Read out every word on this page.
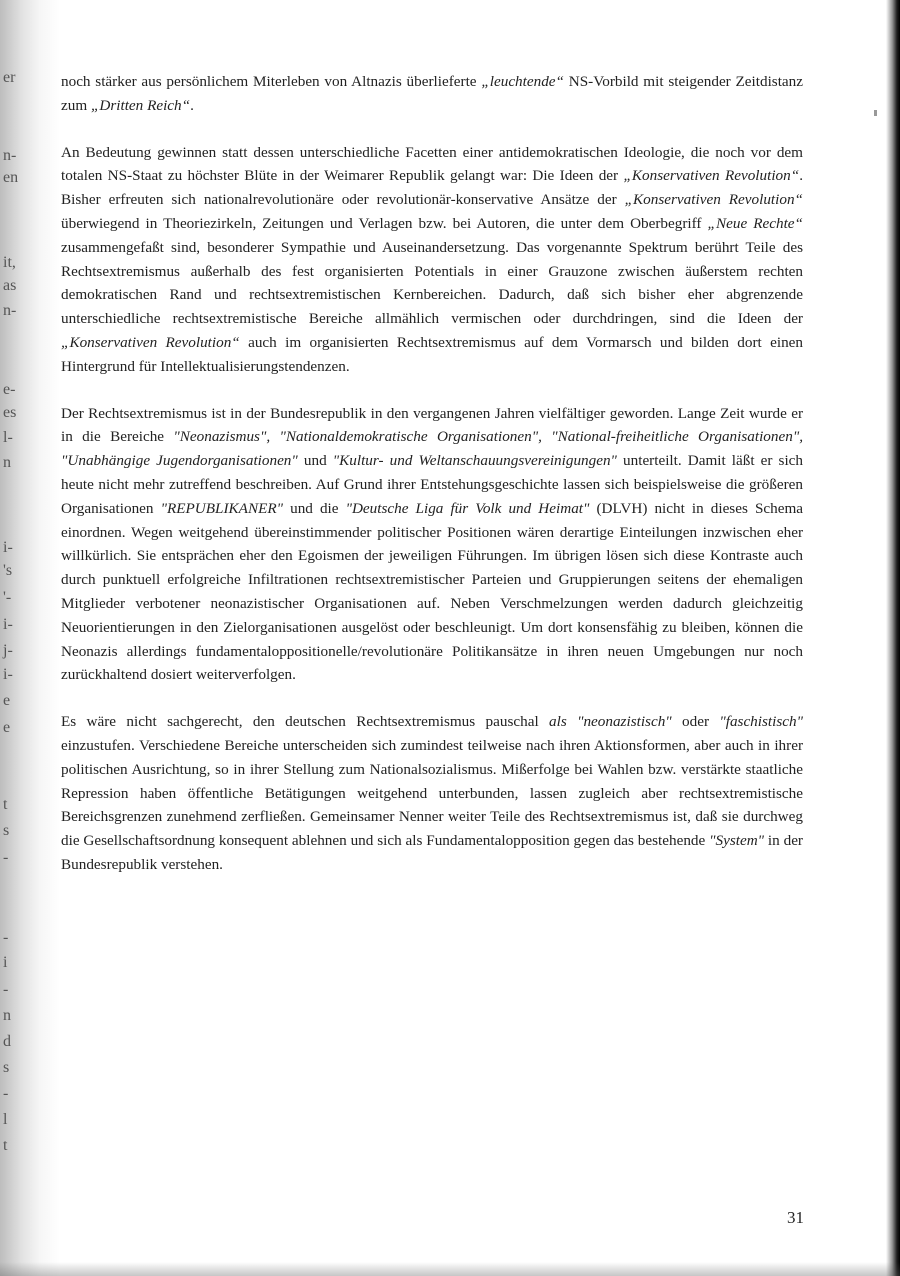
er
n-
en
it,
as
n-
e-
es
l-
n
i-
's
'-
i-
j-
i-
e
e
t
s
-
-
i
-
n
d
s
-
l
t

noch stärker aus persönlichem Miterleben von Altnazis überlieferte „leuchtende“ NS-Vorbild mit steigender Zeitdistanz zum „Dritten Reich“.

An Bedeutung gewinnen statt dessen unterschiedliche Facetten einer antidemokratischen Ideologie, die noch vor dem totalen NS-Staat zu höchster Blüte in der Weimarer Republik gelangt war: Die Ideen der „Konservativen Revolution“. Bisher erfreuten sich nationalrevolutionäre oder revolutionär-konservative Ansätze der „Konservativen Revolution“ überwiegend in Theoriezirkeln, Zeitungen und Verlagen bzw. bei Autoren, die unter dem Oberbegriff „Neue Rechte“ zusammengefaßt sind, besonderer Sympathie und Auseinandersetzung. Das vorgenannte Spektrum berührt Teile des Rechtsextremismus außerhalb des fest organisierten Potentials in einer Grauzone zwischen äußerstem rechten demokratischen Rand und rechtsextremistischen Kernbereichen. Dadurch, daß sich bisher eher abgrenzende unterschiedliche rechtsextremistische Bereiche allmählich vermischen oder durchdringen, sind die Ideen der „Konservativen Revolution“ auch im organisierten Rechtsextremismus auf dem Vormarsch und bilden dort einen Hintergrund für Intellektualisierungstendenzen.

Der Rechtsextremismus ist in der Bundesrepublik in den vergangenen Jahren vielfältiger geworden. Lange Zeit wurde er in die Bereiche "Neonazismus", "Nationaldemokratische Organisationen", "National-freiheitliche Organisationen", "Unabhängige Jugendorganisationen" und "Kultur- und Weltanschauungsvereinigungen" unterteilt. Damit läßt er sich heute nicht mehr zutreffend beschreiben. Auf Grund ihrer Entstehungsgeschichte lassen sich beispielsweise die größeren Organisationen "REPUBLIKANER" und die "Deutsche Liga für Volk und Heimat" (DLVH) nicht in dieses Schema einordnen. Wegen weitgehend übereinstimmender politischer Positionen wären derartige Einteilungen inzwischen eher willkürlich. Sie entsprächen eher den Egoismen der jeweiligen Führungen. Im übrigen lösen sich diese Kontraste auch durch punktuell erfolgreiche Infiltrationen rechtsextremistischer Parteien und Gruppierungen seitens der ehemaligen Mitglieder verbotener neonazistischer Organisationen auf. Neben Verschmelzungen werden dadurch gleichzeitig Neuorientierungen in den Zielorganisationen ausgelöst oder beschleunigt. Um dort konsensfähig zu bleiben, können die Neonazis allerdings fundamentaloppositionelle/revolutionäre Politikansätze in ihren neuen Umgebungen nur noch zurückhaltend dosiert weiterverfolgen.

Es wäre nicht sachgerecht, den deutschen Rechtsextremismus pauschal als "neonazistisch" oder "faschistisch" einzustufen. Verschiedene Bereiche unterscheiden sich zumindest teilweise nach ihren Aktionsformen, aber auch in ihrer politischen Ausrichtung, so in ihrer Stellung zum Nationalsozialismus. Mißerfolge bei Wahlen bzw. verstärkte staatliche Repression haben öffentliche Betätigungen weitgehend unterbunden, lassen zugleich aber rechtsextremistische Bereichsgrenzen zunehmend zerfließen. Gemeinsamer Nenner weiter Teile des Rechtsextremismus ist, daß sie durchweg die Gesellschaftsordnung konsequent ablehnen und sich als Fundamentalopposition gegen das bestehende "System" in der Bundesrepublik verstehen.

31
